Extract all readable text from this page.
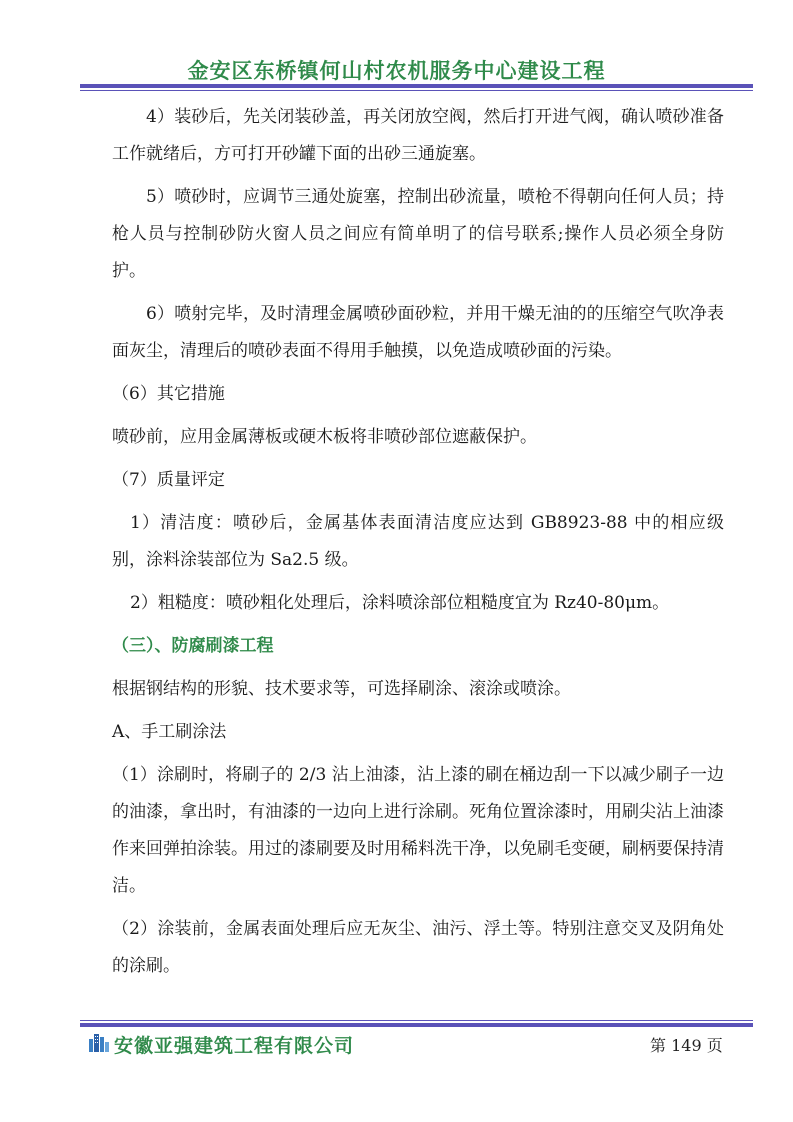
金安区东桥镇何山村农机服务中心建设工程

4）装砂后，先关闭装砂盖，再关闭放空阀，然后打开进气阀，确认喷砂准备工作就绪后，方可打开砂罐下面的出砂三通旋塞。

5）喷砂时，应调节三通处旋塞，控制出砂流量，喷枪不得朝向任何人员；持枪人员与控制砂防火窗人员之间应有简单明了的信号联系;操作人员必须全身防护。

6）喷射完毕，及时清理金属喷砂面砂粒，并用干燥无油的的压缩空气吹净表面灰尘，清理后的喷砂表面不得用手触摸，以免造成喷砂面的污染。

（6）其它措施

喷砂前，应用金属薄板或硬木板将非喷砂部位遮蔽保护。

（7）质量评定

1）清洁度：喷砂后，金属基体表面清洁度应达到 GB8923-88 中的相应级别，涂料涂装部位为 Sa2.5 级。

2）粗糙度：喷砂粗化处理后，涂料喷涂部位粗糙度宜为 Rz40-80μm。

（三）、防腐刷漆工程

根据钢结构的形貌、技术要求等，可选择刷涂、滚涂或喷涂。

A、手工刷涂法

（1）涂刷时，将刷子的 2/3 沾上油漆，沾上漆的刷在桶边刮一下以减少刷子一边的油漆，拿出时，有油漆的一边向上进行涂刷。死角位置涂漆时，用刷尖沾上油漆作来回弹拍涂装。用过的漆刷要及时用稀料洗干净，以免刷毛变硬，刷柄要保持清洁。

（2）涂装前，金属表面处理后应无灰尘、油污、浮土等。特别注意交叉及阴角处的涂刷。

安徽亚强建筑工程有限公司	第 149 页
